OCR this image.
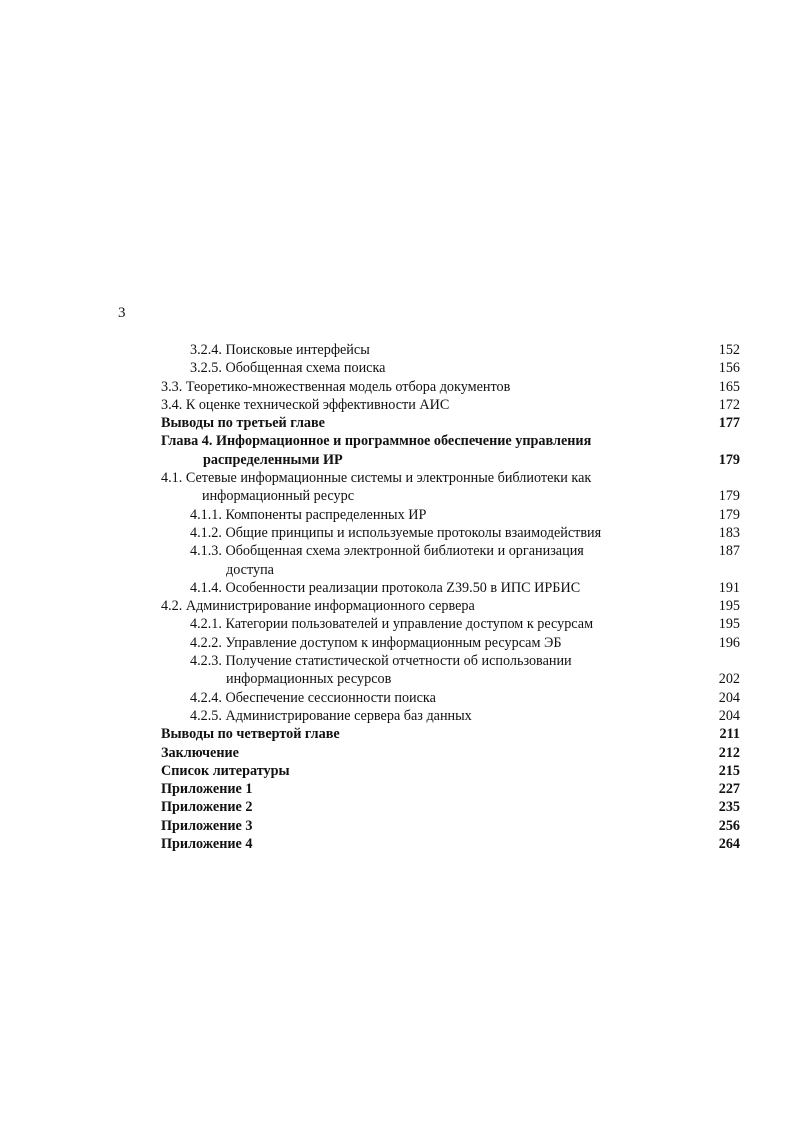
3
3.2.4. Поисковые интерфейсы	152
3.2.5. Обобщенная схема поиска	156
3.3. Теоретико-множественная модель отбора документов	165
3.4. К оценке технической эффективности АИС	172
Выводы по третьей главе	177
Глава 4. Информационное и программное обеспечение управления
распределенными ИР	179
4.1. Сетевые информационные системы и электронные библиотеки как
информационный ресурс	179
4.1.1. Компоненты распределенных ИР	179
4.1.2. Общие принципы и используемые протоколы взаимодействия	183
4.1.3. Обобщенная схема электронной библиотеки и организация	187
доступа
4.1.4. Особенности реализации протокола Z39.50 в ИПС ИРБИС	191
4.2. Администрирование информационного сервера	195
4.2.1. Категории пользователей и управление доступом к ресурсам	195
4.2.2. Управление доступом к информационным ресурсам ЭБ	196
4.2.3. Получение статистической отчетности об использовании
информационных ресурсов	202
4.2.4. Обеспечение сессионности поиска	204
4.2.5. Администрирование сервера баз данных	204
Выводы по четвертой главе	211
Заключение	212
Список литературы	215
Приложение 1	227
Приложение 2	235
Приложение 3	256
Приложение 4	264
